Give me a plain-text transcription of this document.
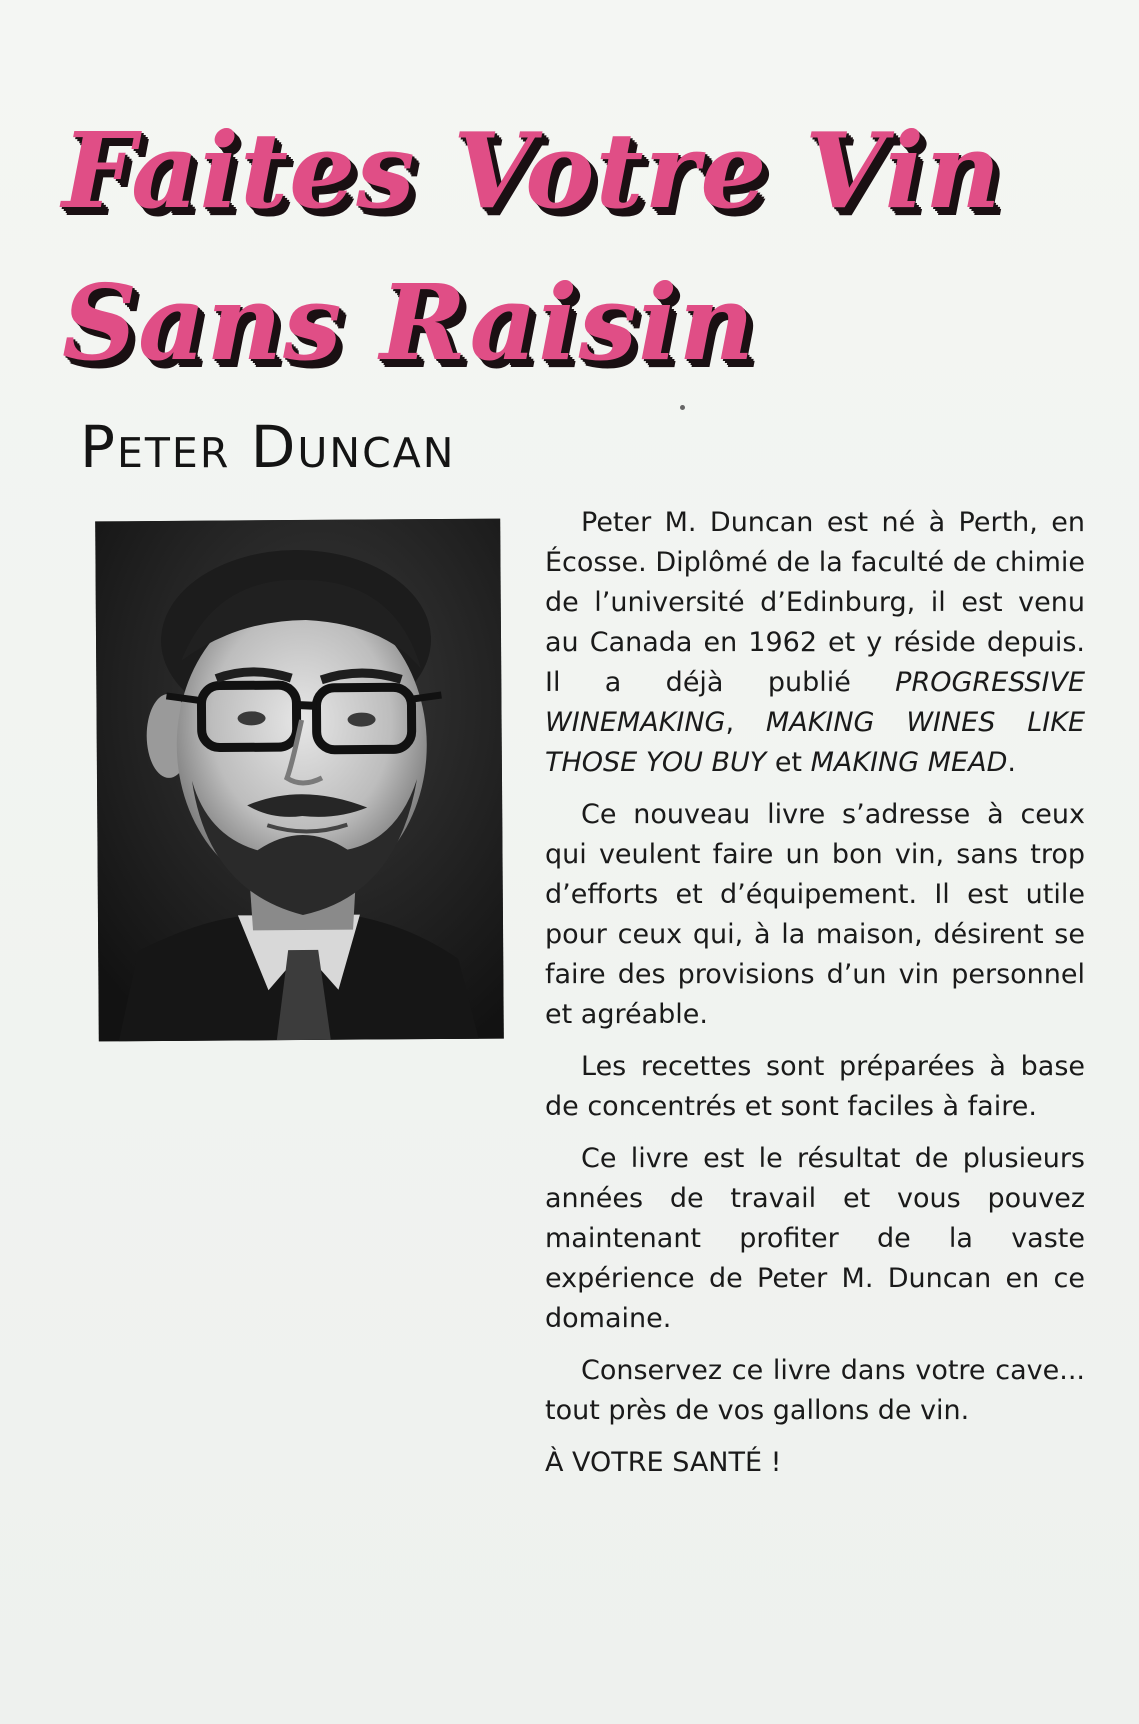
Faites Votre Vin
Sans Raisin
Peter Duncan

Peter M. Duncan est né à Perth, en Écosse. Diplômé de la faculté de chimie de l’université d’Edinburg, il est venu au Canada en 1962 et y réside depuis. Il a déjà publié PROGRESSIVE WINEMAKING, MAKING WINES LIKE THOSE YOU BUY et MAKING MEAD.

Ce nouveau livre s’adresse à ceux qui veulent faire un bon vin, sans trop d’efforts et d’équipement. Il est utile pour ceux qui, à la maison, désirent se faire des provisions d’un vin personnel et agréable.

Les recettes sont préparées à base de concentrés et sont faciles à faire.

Ce livre est le résultat de plusieurs années de travail et vous pouvez maintenant profiter de la vaste expérience de Peter M. Duncan en ce domaine.

Conservez ce livre dans votre cave... tout près de vos gallons de vin.

À VOTRE SANTÉ !
